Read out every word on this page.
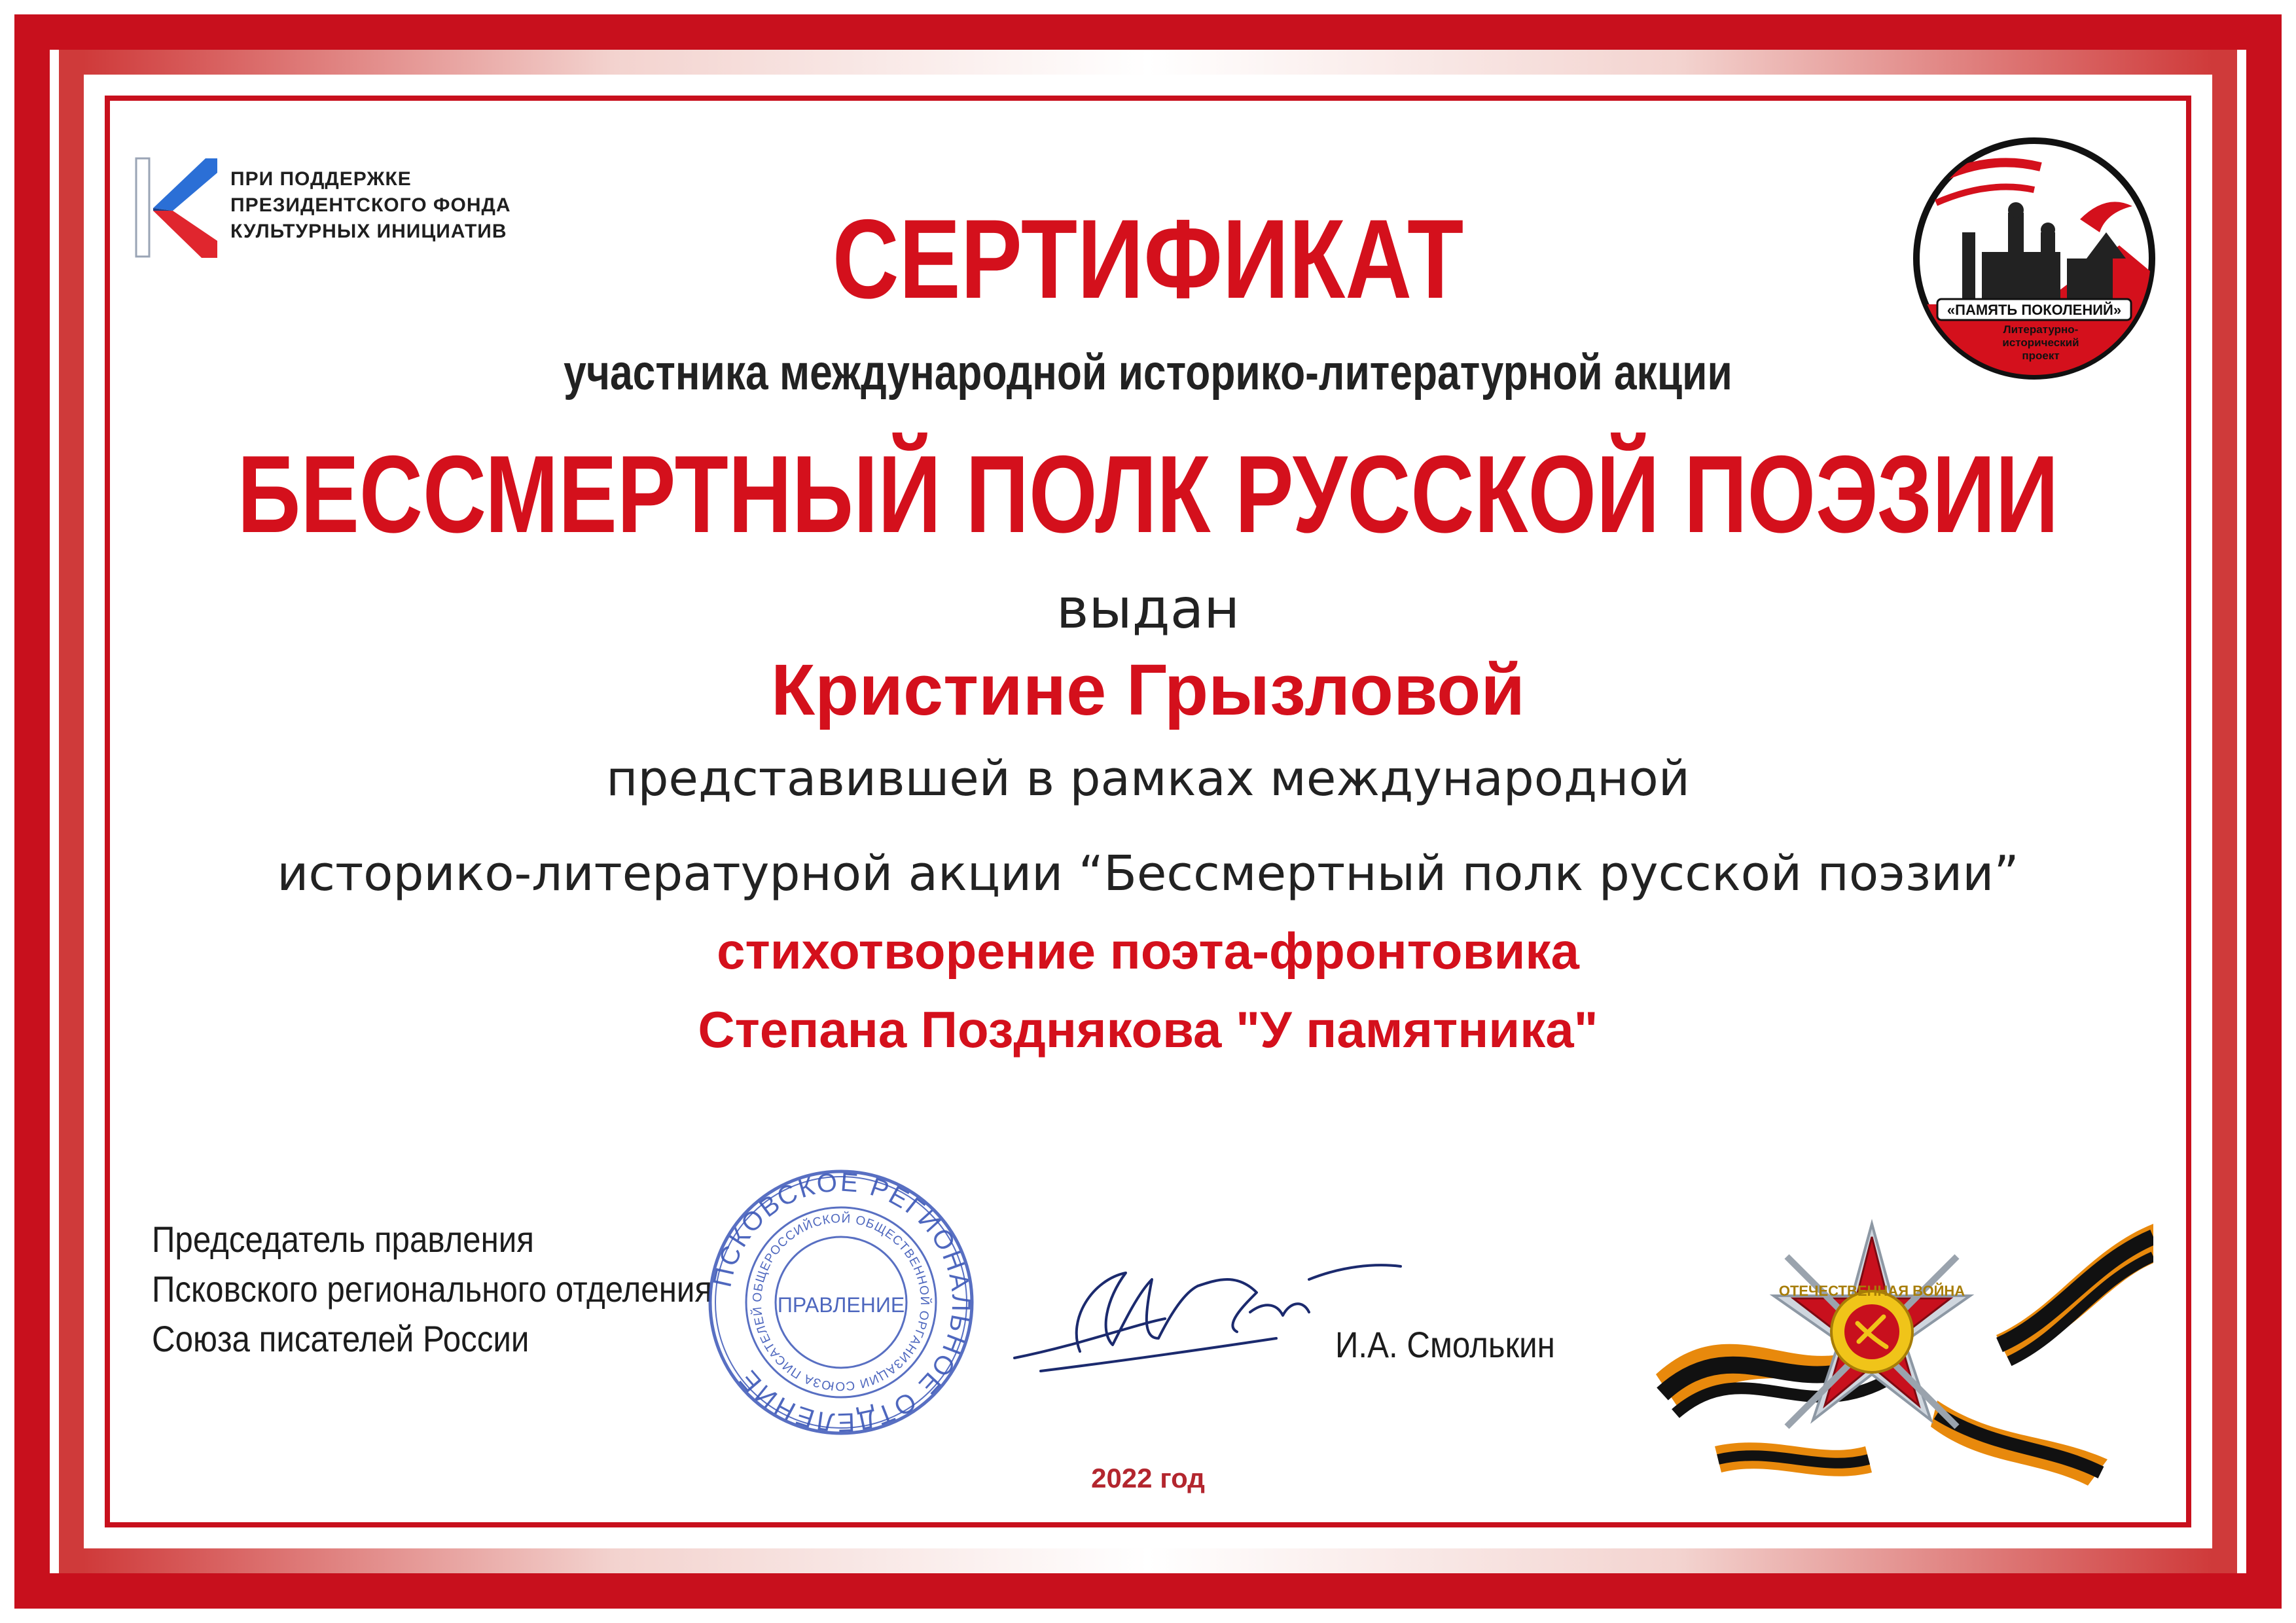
ПРИ ПОДДЕРЖКЕ
ПРЕЗИДЕНТСКОГО ФОНДА
КУЛЬТУРНЫХ ИНИЦИАТИВ
«ПАМЯТЬ ПОКОЛЕНИЙ»
Литературно-
исторический
проект
СЕРТИФИКАТ
участника международной историко-литературной акции
БЕССМЕРТНЫЙ ПОЛК РУССКОЙ ПОЭЗИИ
выдан
Кристине Грызловой
представившей в рамках международной
историко-литературной акции “Бессмертный полк русской поэзии”
стихотворение поэта-фронтовика
Степана Позднякова "У памятника"
Председатель правления
Псковского регионального отделения
Союза писателей России
ПСКОВСКОЕ РЕГИОНАЛЬНОЕ ОТДЕЛЕНИЕ
ОБЩЕРОССИЙСКОЙ ОБЩЕСТВЕННОЙ ОРГАНИЗАЦИИ СОЮЗА ПИСАТЕЛЕЙ ПРАВЛЕНИЕ
И.А. Смолькин
ОТЕЧЕСТВЕННАЯ ВОЙНА
2022 год
